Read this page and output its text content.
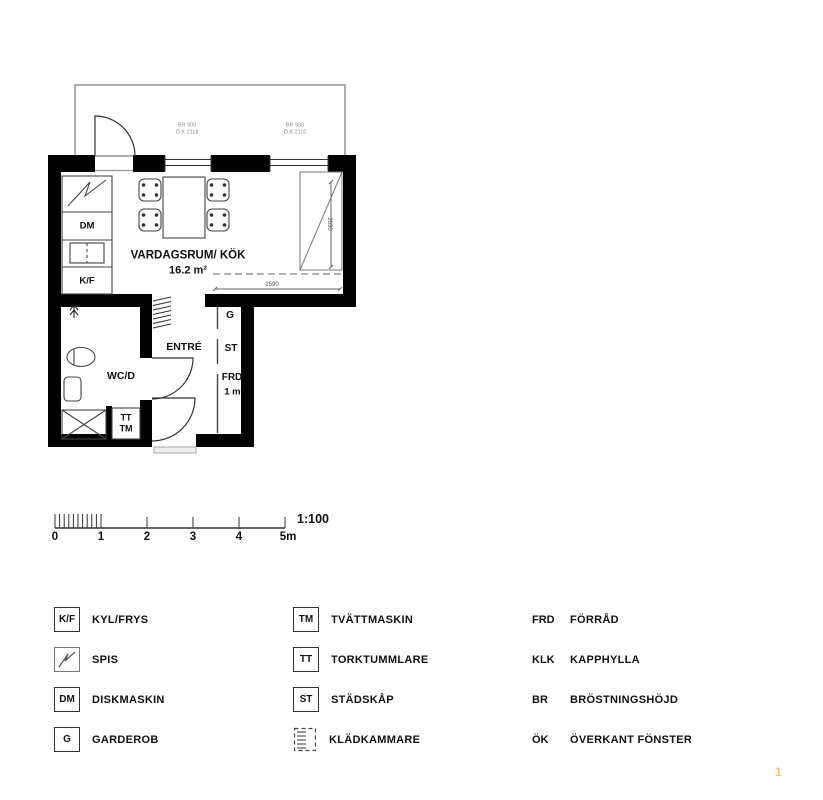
VARDAGSRUM/ KÖK
16.2 m²
ENTRÉ
WC/D
G
ST
FRD
1 m²
DM
K/F
TT
TM
BR 900
Ö.K 2118
BR 900
Ö.K 2110
2590
2630
0	1	2	3	4	5m
1:100
K/F	KYL/FRYS
SPIS
DM	DISKMASKIN
G	GARDEROB
TM	TVÄTTMASKIN
TT	TORKTUMMLARE
ST	STÄDSKÅP
KLÄDKAMMARE
FRD	FÖRRÅD
KLK	KAPPHYLLA
BR	BRÖSTNINGSHÖJD
ÖK	ÖVERKANT FÖNSTER
1
